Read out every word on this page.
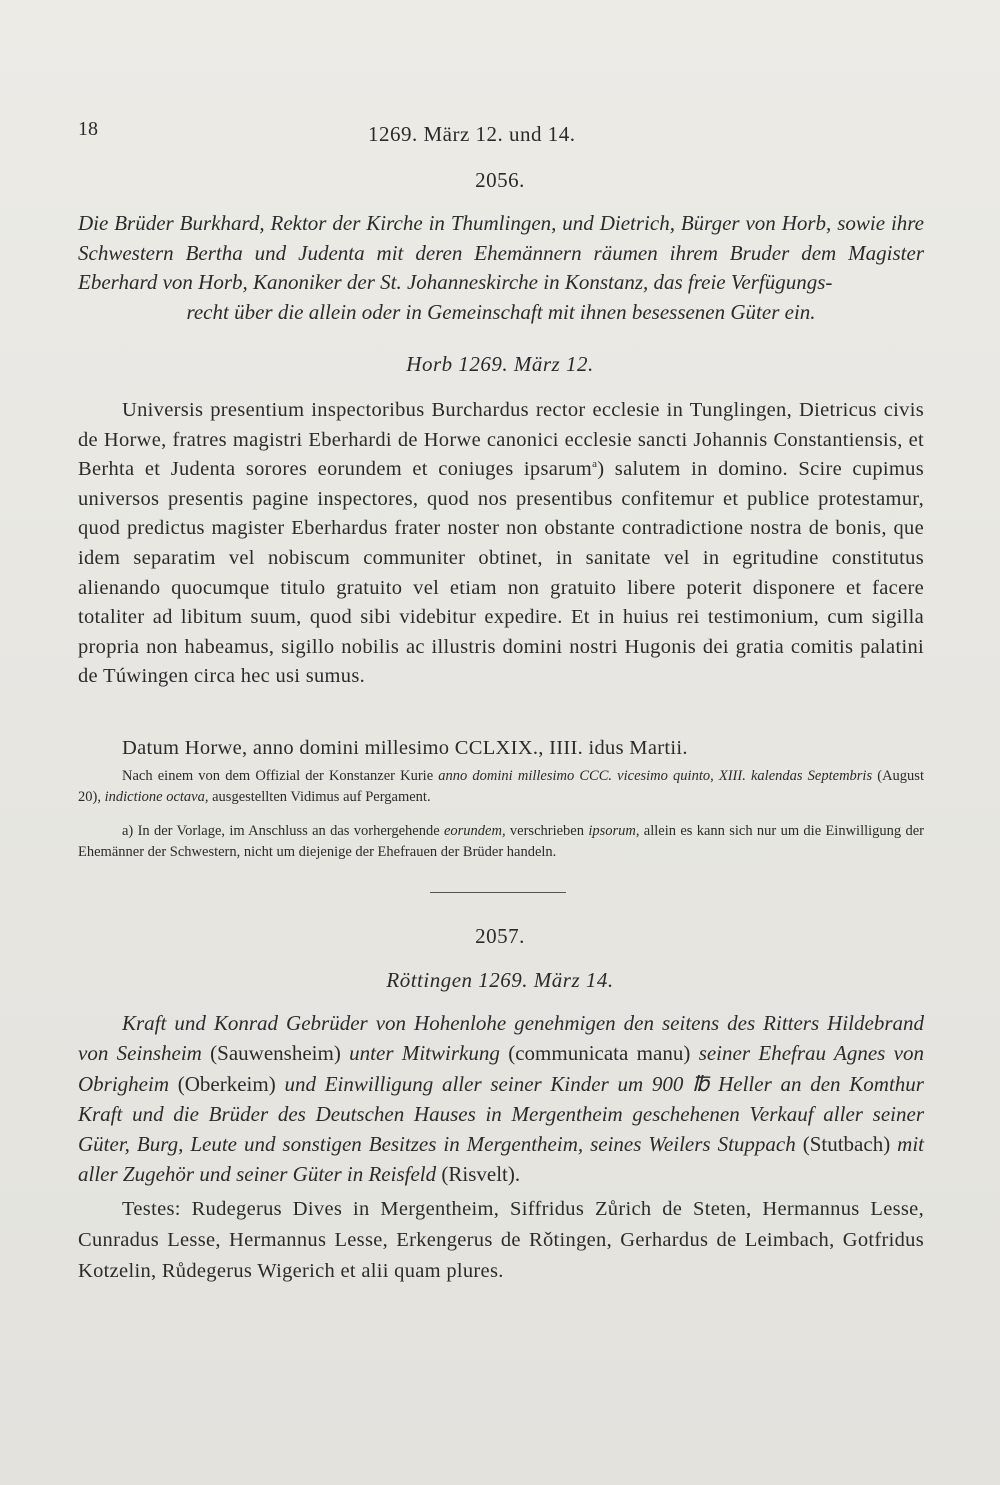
18	1269. März 12. und 14.
2056.
Die Brüder Burkhard, Rektor der Kirche in Thumlingen, und Dietrich, Bürger von Horb, sowie ihre Schwestern Bertha und Judenta mit deren Ehemännern räumen ihrem Bruder dem Magister Eberhard von Horb, Kanoniker der St. Johanneskirche in Konstanz, das freie Verfügungs-
recht über die allein oder in Gemeinschaft mit ihnen besessenen Güter ein.
Horb 1269. März 12.
Universis presentium inspectoribus Burchardus rector ecclesie in Tunglingen, Dietricus civis de Horwe, fratres magistri Eberhardi de Horwe canonici ecclesie sancti Johannis Constantiensis, et Berhta et Judenta sorores eorundem et coniuges ipsarum$^a$) salutem in domino. Scire cupimus universos presentis pagine inspectores, quod nos presentibus confitemur et publice protestamur, quod predictus magister Eberhardus frater noster non obstante contradictione nostra de bonis, que idem separatim vel nobiscum communiter obtinet, in sanitate vel in egritudine constitutus alienando quocumque titulo gratuito vel etiam non gratuito libere poterit disponere et facere totaliter ad libitum suum, quod sibi videbitur expedire. Et in huius rei testimonium, cum sigilla propria non habeamus, sigillo nobilis ac illustris domini nostri Hugonis dei gratia comitis palatini de Túwingen circa hec usi sumus.
Datum Horwe, anno domini millesimo CCLXIX., IIII. idus Martii.
Nach einem von dem Offizial der Konstanzer Kurie anno domini millesimo CCC. vicesimo quinto, XIII. kalendas Septembris (August 20), indictione octava, ausgestellten Vidimus auf Pergament.
a) In der Vorlage, im Anschluss an das vorhergehende eorundem, verschrieben ipsorum, allein es kann sich nur um die Einwilligung der Ehemänner der Schwestern, nicht um diejenige der Ehefrauen der Brüder handeln.
2057.
Röttingen 1269. März 14.
Kraft und Konrad Gebrüder von Hohenlohe genehmigen den seitens des Ritters Hildebrand von Seinsheim (Sauwensheim) unter Mitwirkung (communicata manu) seiner Ehefrau Agnes von Obrigheim (Oberkeim) und Einwilligung aller seiner Kinder um 900 ℔ Heller an den Komthur Kraft und die Brüder des Deutschen Hauses in Mergentheim geschehenen Verkauf aller seiner Güter, Burg, Leute und sonstigen Besitzes in Mergentheim, seines Weilers Stuppach (Stutbach) mit aller Zugehör und seiner Güter in Reisfeld (Risvelt).
Testes: Rudegerus Dives in Mergentheim, Siffridus Zůrich de Steten, Hermannus Lesse, Cunradus Lesse, Hermannus Lesse, Erkengerus de Rǒtingen, Gerhardus de Leimbach, Gotfridus Kotzelin, Růdegerus Wigerich et alii quam plures.
